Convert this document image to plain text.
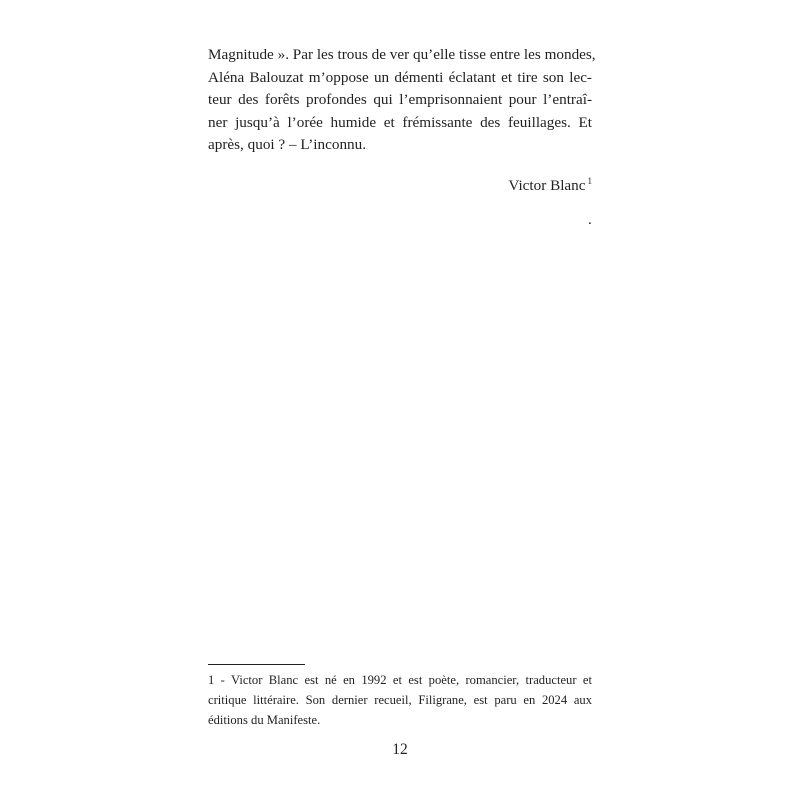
Magnitude ». Par les trous de ver qu’elle tisse entre les mondes,
Aléna Balouzat m’oppose un démenti éclatant et tire son lec-
teur des forêts profondes qui l’emprisonnaient pour l’entraî-
ner jusqu’à l’orée humide et frémissante des feuillages. Et
après, quoi ? – L’inconnu.

Victor Blanc $^1$
.
1 - Victor Blanc est né en 1992 et est poète, romancier, traducteur et
critique littéraire. Son dernier recueil, Filigrane, est paru en 2024 aux
éditions du Manifeste.
12
